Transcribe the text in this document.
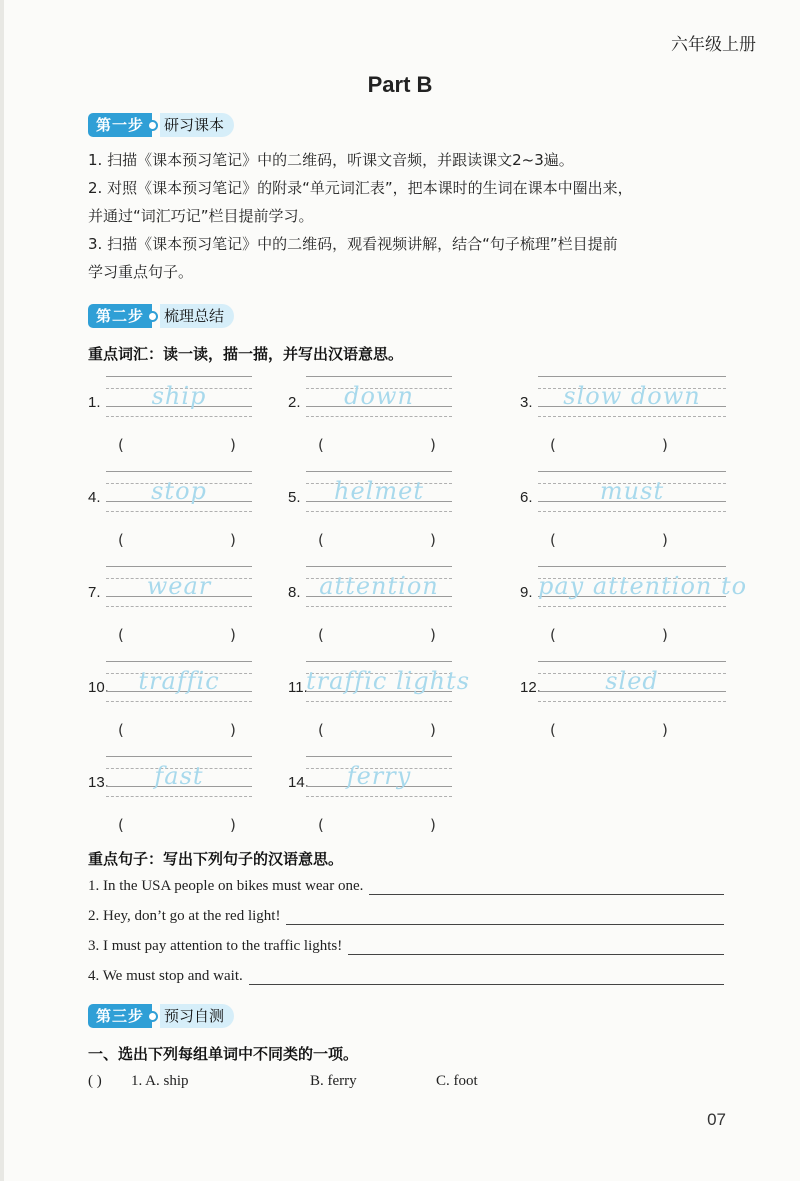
六年级上册
Part B
第一步	研习课本
1. 扫描《课本预习笔记》中的二维码，听课文音频，并跟读课文2~3遍。
2. 对照《课本预习笔记》的附录“单元词汇表”，把本课时的生词在课本中圈出来，
并通过“词汇巧记”栏目提前学习。
3. 扫描《课本预习笔记》中的二维码，观看视频讲解，结合“句子梳理”栏目提前
学习重点句子。
第二步	梳理总结
重点词汇：读一读，描一描，并写出汉语意思。
1.	ship
(	)
2.	down
(	)
3.	slow down
(	)
4.	stop
(	)
5.	helmet
(	)
6.	must
(	)
7.	wear
(	)
8. attention
(	)
9. pay attention to
(	)
10.	traffic
(	)
11.
traffic lights
(	)
12.	sled
(	)
13.	fast
(	)
14.	ferry
(	)
重点句子：写出下列句子的汉语意思。
1. In the USA people on bikes must wear one.
2. Hey, don’t go at the red light!
3. I must pay attention to the traffic lights!
4. We must stop and wait.
第三步	预习自测
一、选出下列每组单词中不同类的一项。
( ) 1. A. ship	B. ferry	C. foot
07
